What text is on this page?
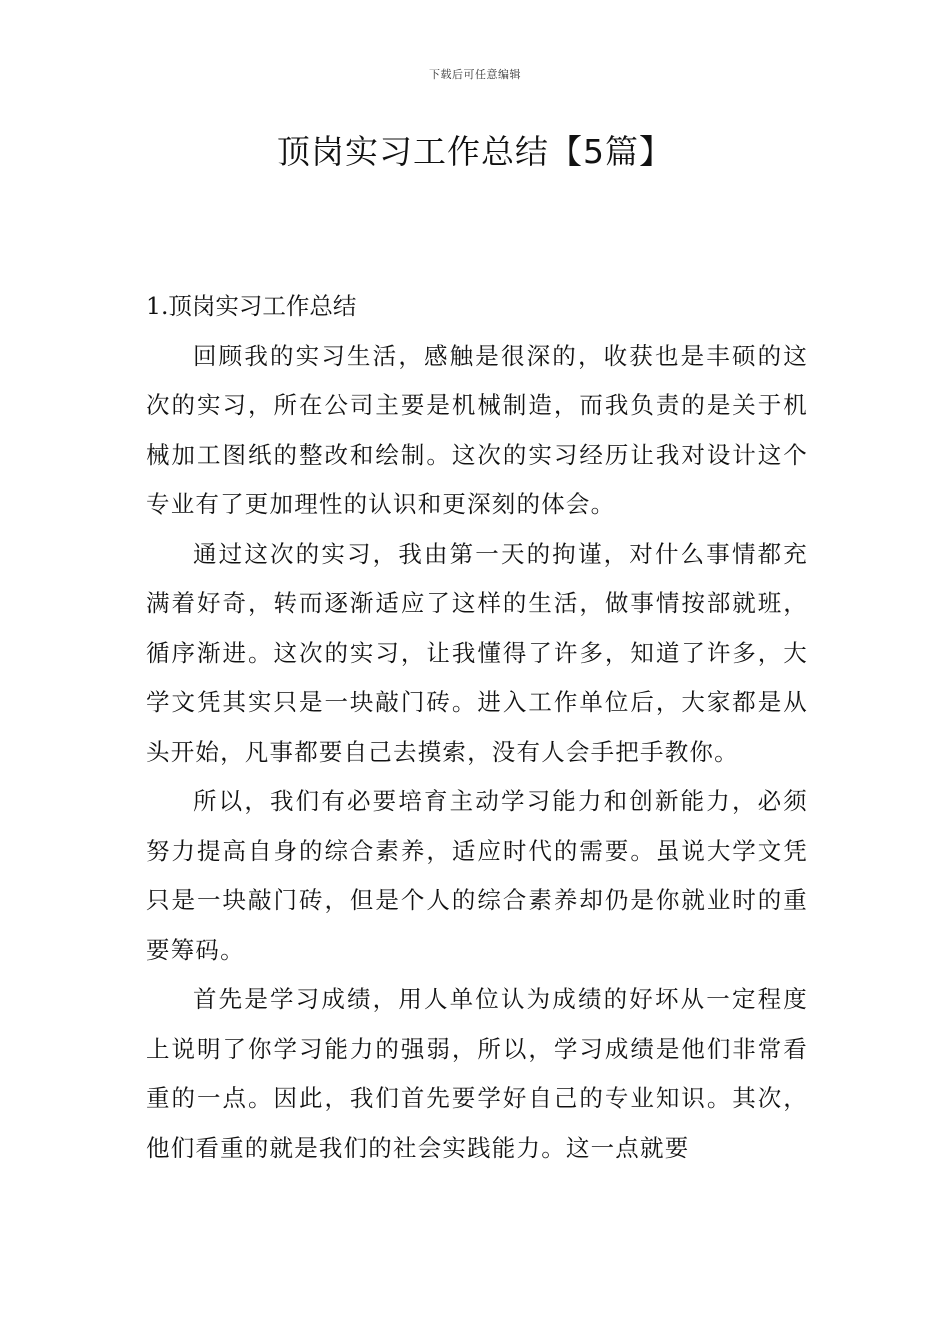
下载后可任意编辑
顶岗实习工作总结【5篇】

1.顶岗实习工作总结

回顾我的实习生活，感触是很深的，收获也是丰硕的这次的实习，所在公司主要是机械制造，而我负责的是关于机械加工图纸的整改和绘制。这次的实习经历让我对设计这个专业有了更加理性的认识和更深刻的体会。

通过这次的实习，我由第一天的拘谨，对什么事情都充满着好奇，转而逐渐适应了这样的生活，做事情按部就班，循序渐进。这次的实习，让我懂得了许多，知道了许多，大学文凭其实只是一块敲门砖。进入工作单位后，大家都是从头开始，凡事都要自己去摸索，没有人会手把手教你。

所以，我们有必要培育主动学习能力和创新能力，必须努力提高自身的综合素养，适应时代的需要。虽说大学文凭只是一块敲门砖，但是个人的综合素养却仍是你就业时的重要筹码。

首先是学习成绩，用人单位认为成绩的好坏从一定程度上说明了你学习能力的强弱，所以，学习成绩是他们非常看重的一点。因此，我们首先要学好自己的专业知识。其次，他们看重的就是我们的社会实践能力。这一点就要
